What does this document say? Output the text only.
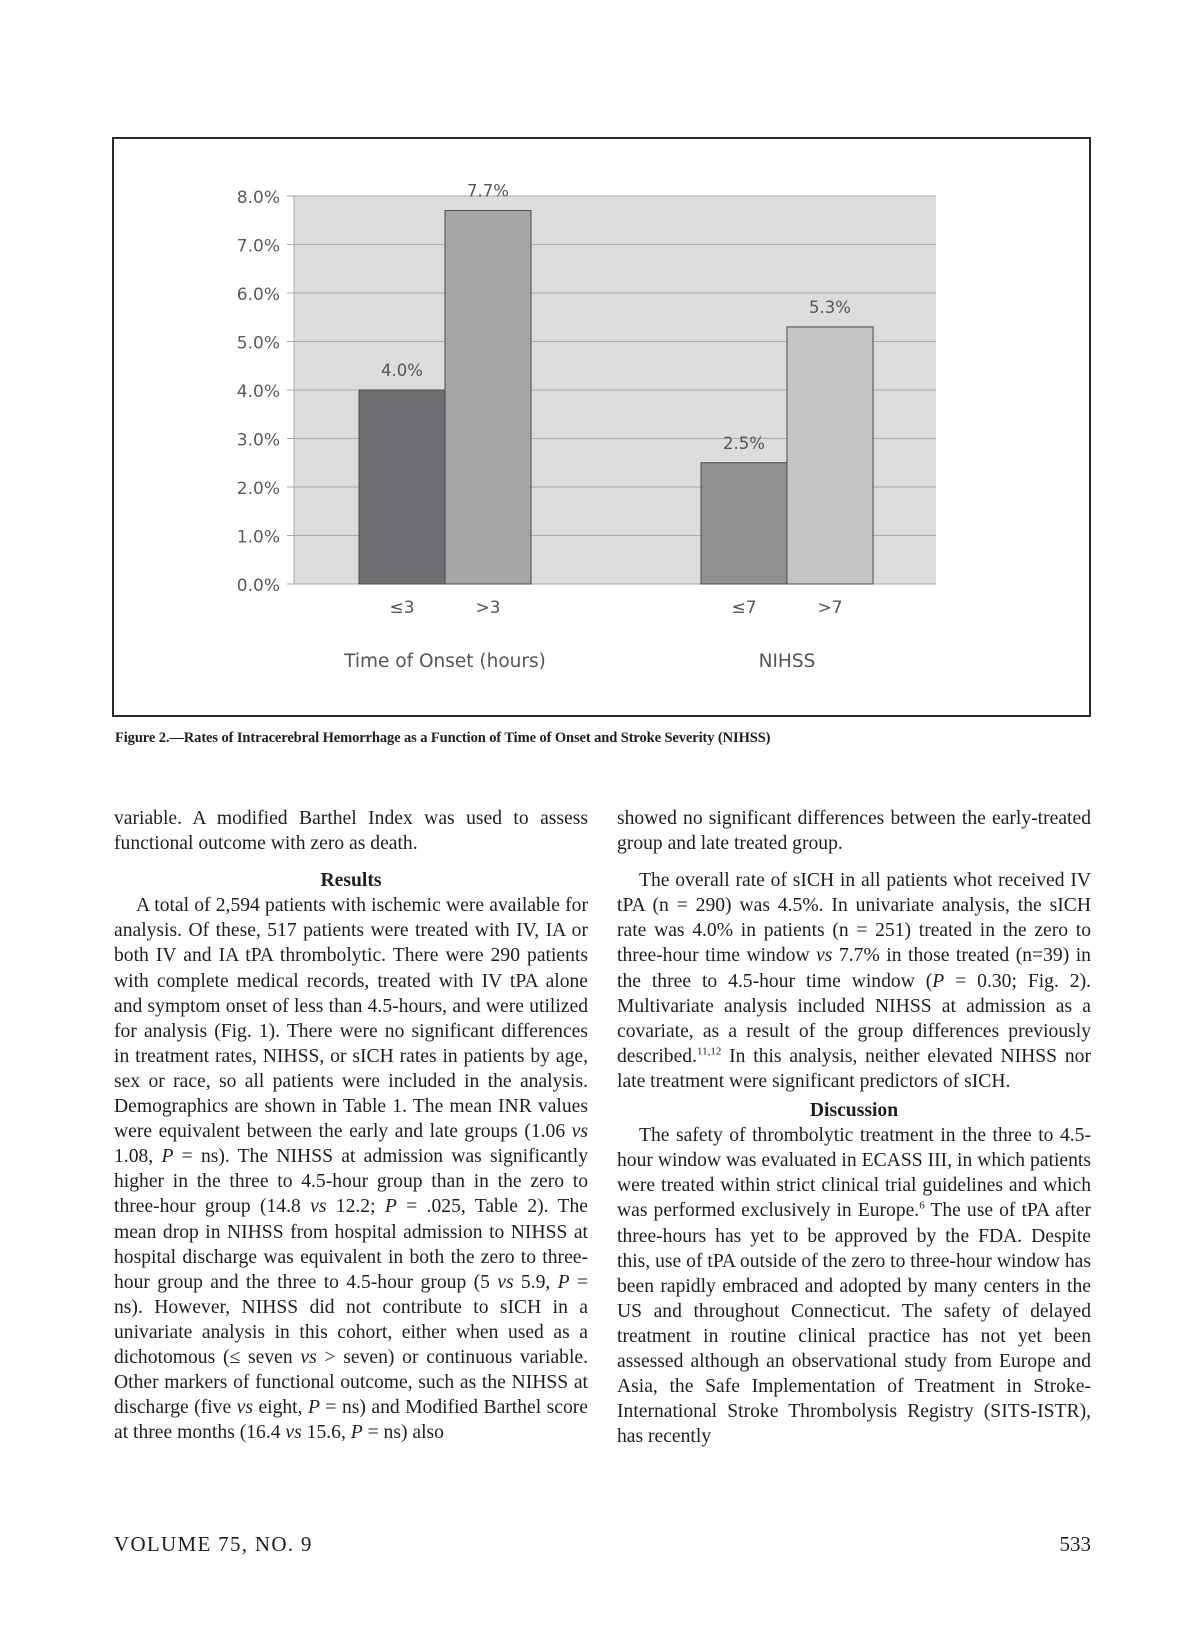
0.0%
1.0%
2.0%
3.0%
4.0%
5.0%
6.0%
7.0%
8.0%
4.0%
≤3
7.7%
>3
Time of Onset (hours)
2.5%
≤7
5.3%
>7
NIHSS
Figure 2.—Rates of Intracerebral Hemorrhage as a Function of Time of Onset and Stroke Severity (NIHSS)

variable. A modified Barthel Index was used to assess functional outcome with zero as death.

Results

A total of 2,594 patients with ischemic were available for analysis. Of these, 517 patients were treated with IV, IA or both IV and IA tPA thrombolytic. There were 290 patients with complete medical records, treated with IV tPA alone and symptom onset of less than 4.5-hours, and were utilized for analysis (Fig. 1). There were no significant differences in treatment rates, NIHSS, or sICH rates in patients by age, sex or race, so all patients were included in the analysis. Demographics are shown in Table 1. The mean INR values were equivalent between the early and late groups (1.06 vs 1.08, P = ns). The NIHSS at admission was significantly higher in the three to 4.5-hour group than in the zero to three-hour group (14.8 vs 12.2; P = .025, Table 2). The mean drop in NIHSS from hospital admission to NIHSS at hospital discharge was equivalent in both the zero to three-hour group and the three to 4.5-hour group (5 vs 5.9, P = ns). However, NIHSS did not contribute to sICH in a univariate analysis in this cohort, either when used as a dichotomous (≤ seven vs > seven) or continuous variable. Other markers of functional outcome, such as the NIHSS at discharge (five vs eight, P = ns) and Modified Barthel score at three months (16.4 vs 15.6, P = ns) also

showed no significant differences between the early-treated group and late treated group.

The overall rate of sICH in all patients whot received IV tPA (n = 290) was 4.5%. In univariate analysis, the sICH rate was 4.0% in patients (n = 251) treated in the zero to three-hour time window vs 7.7% in those treated (n=39) in the three to 4.5-hour time window (P = 0.30; Fig. 2). Multivariate analysis included NIHSS at admission as a covariate, as a result of the group differences previously described.$^{11,12}$ In this analysis, neither elevated NIHSS nor late treatment were significant predictors of sICH.

Discussion

The safety of thrombolytic treatment in the three to 4.5-hour window was evaluated in ECASS III, in which patients were treated within strict clinical trial guidelines and which was performed exclusively in Europe.$^6$ The use of tPA after three-hours has yet to be approved by the FDA. Despite this, use of tPA outside of the zero to three-hour window has been rapidly embraced and adopted by many centers in the US and throughout Connecticut. The safety of delayed treatment in routine clinical practice has not yet been assessed although an observational study from Europe and Asia, the Safe Implementation of Treatment in Stroke-International Stroke Thrombolysis Registry (SITS-ISTR), has recently

VOLUME 75, NO. 9	533
